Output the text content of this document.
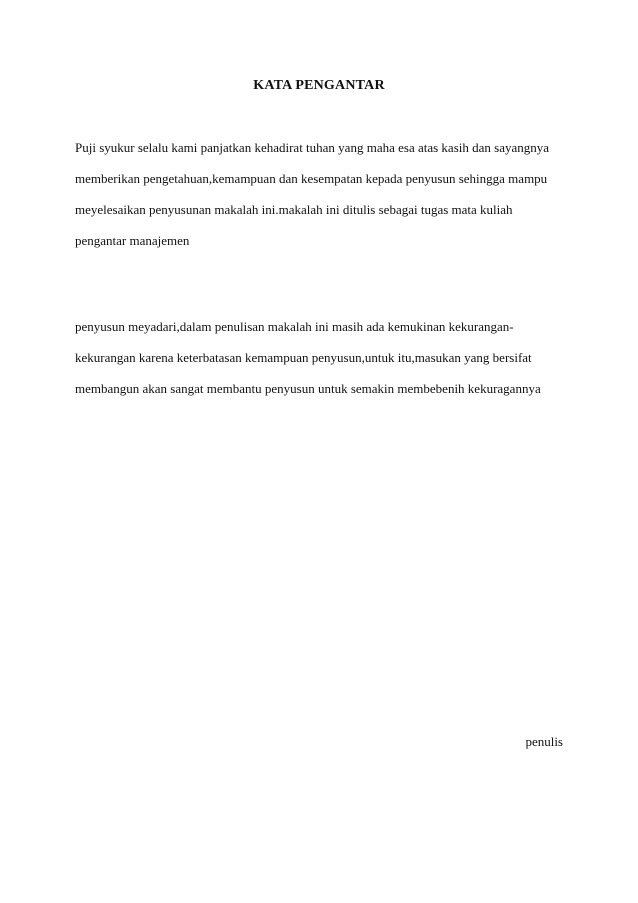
KATA PENGANTAR
Puji syukur selalu kami panjatkan kehadirat tuhan yang maha esa atas kasih dan sayangnya
memberikan pengetahuan,kemampuan dan kesempatan kepada penyusun sehingga mampu
meyelesaikan penyusunan makalah ini.makalah ini ditulis sebagai tugas mata kuliah
pengantar manajemen
penyusun meyadari,dalam penulisan makalah ini masih ada kemukinan kekurangan-
kekurangan karena keterbatasan kemampuan penyusun,untuk itu,masukan yang bersifat
membangun akan sangat membantu penyusun untuk semakin membebenih kekuragannya
penulis
